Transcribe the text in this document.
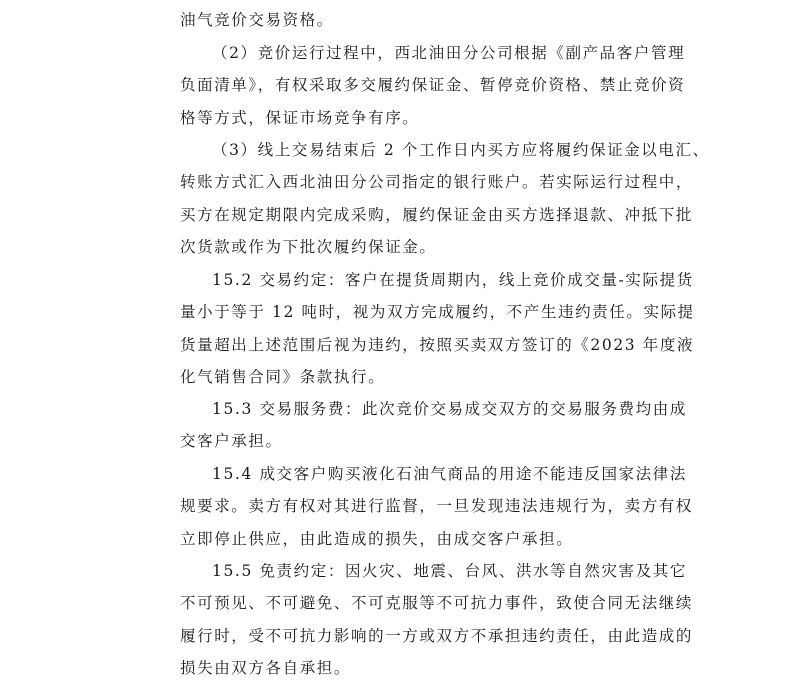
油气竞价交易资格。

（2）竞价运行过程中，西北油田分公司根据《副产品客户管理
负面清单》，有权采取多交履约保证金、暂停竞价资格、禁止竞价资
格等方式，保证市场竞争有序。

（3）线上交易结束后 2 个工作日内买方应将履约保证金以电汇、
转账方式汇入西北油田分公司指定的银行账户。若实际运行过程中，
买方在规定期限内完成采购，履约保证金由买方选择退款、冲抵下批
次货款或作为下批次履约保证金。

15.2 交易约定：客户在提货周期内，线上竞价成交量-实际提货
量小于等于 12 吨时，视为双方完成履约，不产生违约责任。实际提
货量超出上述范围后视为违约，按照买卖双方签订的《2023 年度液
化气销售合同》条款执行。

15.3 交易服务费：此次竞价交易成交双方的交易服务费均由成
交客户承担。

15.4 成交客户购买液化石油气商品的用途不能违反国家法律法
规要求。卖方有权对其进行监督，一旦发现违法违规行为，卖方有权
立即停止供应，由此造成的损失，由成交客户承担。

15.5 免责约定：因火灾、地震、台风、洪水等自然灾害及其它
不可预见、不可避免、不可克服等不可抗力事件，致使合同无法继续
履行时，受不可抗力影响的一方或双方不承担违约责任，由此造成的
损失由双方各自承担。
